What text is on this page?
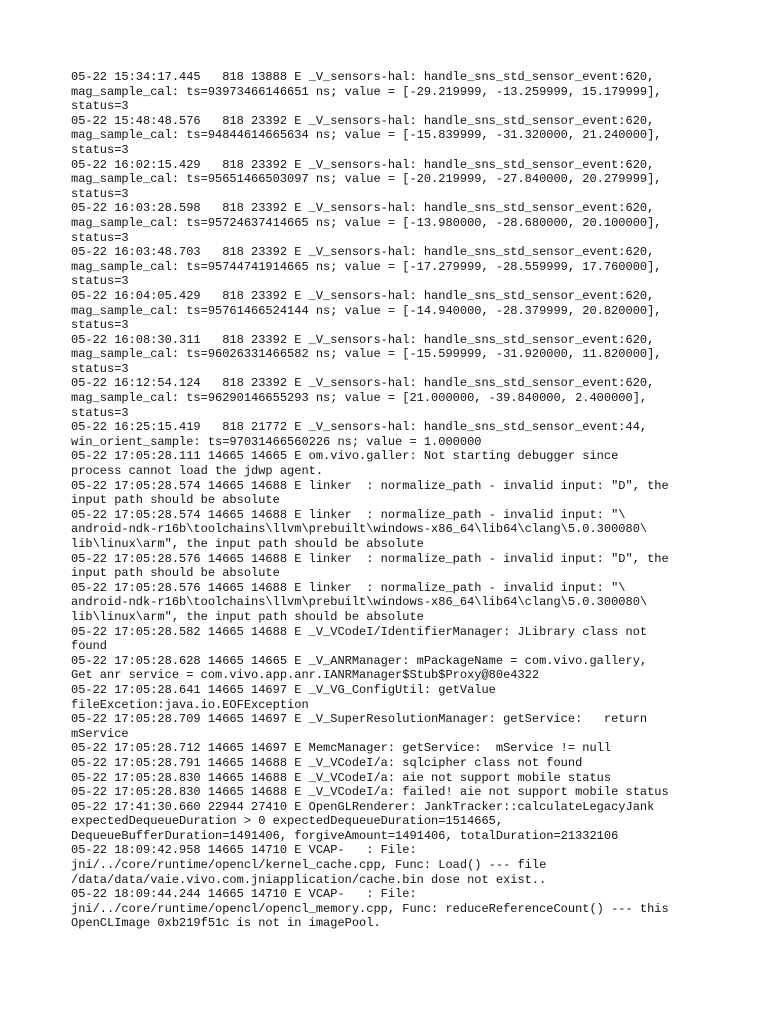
05-22 15:34:17.445   818 13888 E _V_sensors-hal: handle_sns_std_sensor_event:620,

mag_sample_cal: ts=93973466146651 ns; value = [-29.219999, -13.259999, 15.179999],

status=3

05-22 15:48:48.576   818 23392 E _V_sensors-hal: handle_sns_std_sensor_event:620,

mag_sample_cal: ts=94844614665634 ns; value = [-15.839999, -31.320000, 21.240000],

status=3

05-22 16:02:15.429   818 23392 E _V_sensors-hal: handle_sns_std_sensor_event:620,

mag_sample_cal: ts=95651466503097 ns; value = [-20.219999, -27.840000, 20.279999],

status=3

05-22 16:03:28.598   818 23392 E _V_sensors-hal: handle_sns_std_sensor_event:620,

mag_sample_cal: ts=95724637414665 ns; value = [-13.980000, -28.680000, 20.100000],

status=3

05-22 16:03:48.703   818 23392 E _V_sensors-hal: handle_sns_std_sensor_event:620,

mag_sample_cal: ts=95744741914665 ns; value = [-17.279999, -28.559999, 17.760000],

status=3

05-22 16:04:05.429   818 23392 E _V_sensors-hal: handle_sns_std_sensor_event:620,

mag_sample_cal: ts=95761466524144 ns; value = [-14.940000, -28.379999, 20.820000],

status=3

05-22 16:08:30.311   818 23392 E _V_sensors-hal: handle_sns_std_sensor_event:620,

mag_sample_cal: ts=96026331466582 ns; value = [-15.599999, -31.920000, 11.820000],

status=3

05-22 16:12:54.124   818 23392 E _V_sensors-hal: handle_sns_std_sensor_event:620,

mag_sample_cal: ts=96290146655293 ns; value = [21.000000, -39.840000, 2.400000],

status=3

05-22 16:25:15.419   818 21772 E _V_sensors-hal: handle_sns_std_sensor_event:44,

win_orient_sample: ts=97031466560226 ns; value = 1.000000

05-22 17:05:28.111 14665 14665 E om.vivo.galler: Not starting debugger since

process cannot load the jdwp agent.

05-22 17:05:28.574 14665 14688 E linker  : normalize_path - invalid input: "D", the

input path should be absolute

05-22 17:05:28.574 14665 14688 E linker  : normalize_path - invalid input: "\

android-ndk-r16b\toolchains\llvm\prebuilt\windows-x86_64\lib64\clang\5.0.300080\

lib\linux\arm", the input path should be absolute

05-22 17:05:28.576 14665 14688 E linker  : normalize_path - invalid input: "D", the

input path should be absolute

05-22 17:05:28.576 14665 14688 E linker  : normalize_path - invalid input: "\

android-ndk-r16b\toolchains\llvm\prebuilt\windows-x86_64\lib64\clang\5.0.300080\

lib\linux\arm", the input path should be absolute

05-22 17:05:28.582 14665 14688 E _V_VCodeI/IdentifierManager: JLibrary class not

found

05-22 17:05:28.628 14665 14665 E _V_ANRManager: mPackageName = com.vivo.gallery,

Get anr service = com.vivo.app.anr.IANRManager$Stub$Proxy@80e4322

05-22 17:05:28.641 14665 14697 E _V_VG_ConfigUtil: getValue

fileExcetion:java.io.EOFException

05-22 17:05:28.709 14665 14697 E _V_SuperResolutionManager: getService:   return

mService

05-22 17:05:28.712 14665 14697 E MemcManager: getService:  mService != null

05-22 17:05:28.791 14665 14688 E _V_VCodeI/a: sqlcipher class not found

05-22 17:05:28.830 14665 14688 E _V_VCodeI/a: aie not support mobile status

05-22 17:05:28.830 14665 14688 E _V_VCodeI/a: failed! aie not support mobile status

05-22 17:41:30.660 22944 27410 E OpenGLRenderer: JankTracker::calculateLegacyJank

expectedDequeueDuration > 0 expectedDequeueDuration=1514665,

DequeueBufferDuration=1491406, forgiveAmount=1491406, totalDuration=21332106

05-22 18:09:42.958 14665 14710 E VCAP-   : File:

jni/../core/runtime/opencl/kernel_cache.cpp, Func: Load() --- file

/data/data/vaie.vivo.com.jniapplication/cache.bin dose not exist..

05-22 18:09:44.244 14665 14710 E VCAP-   : File:

jni/../core/runtime/opencl/opencl_memory.cpp, Func: reduceReferenceCount() --- this

OpenCLImage 0xb219f51c is not in imagePool.
